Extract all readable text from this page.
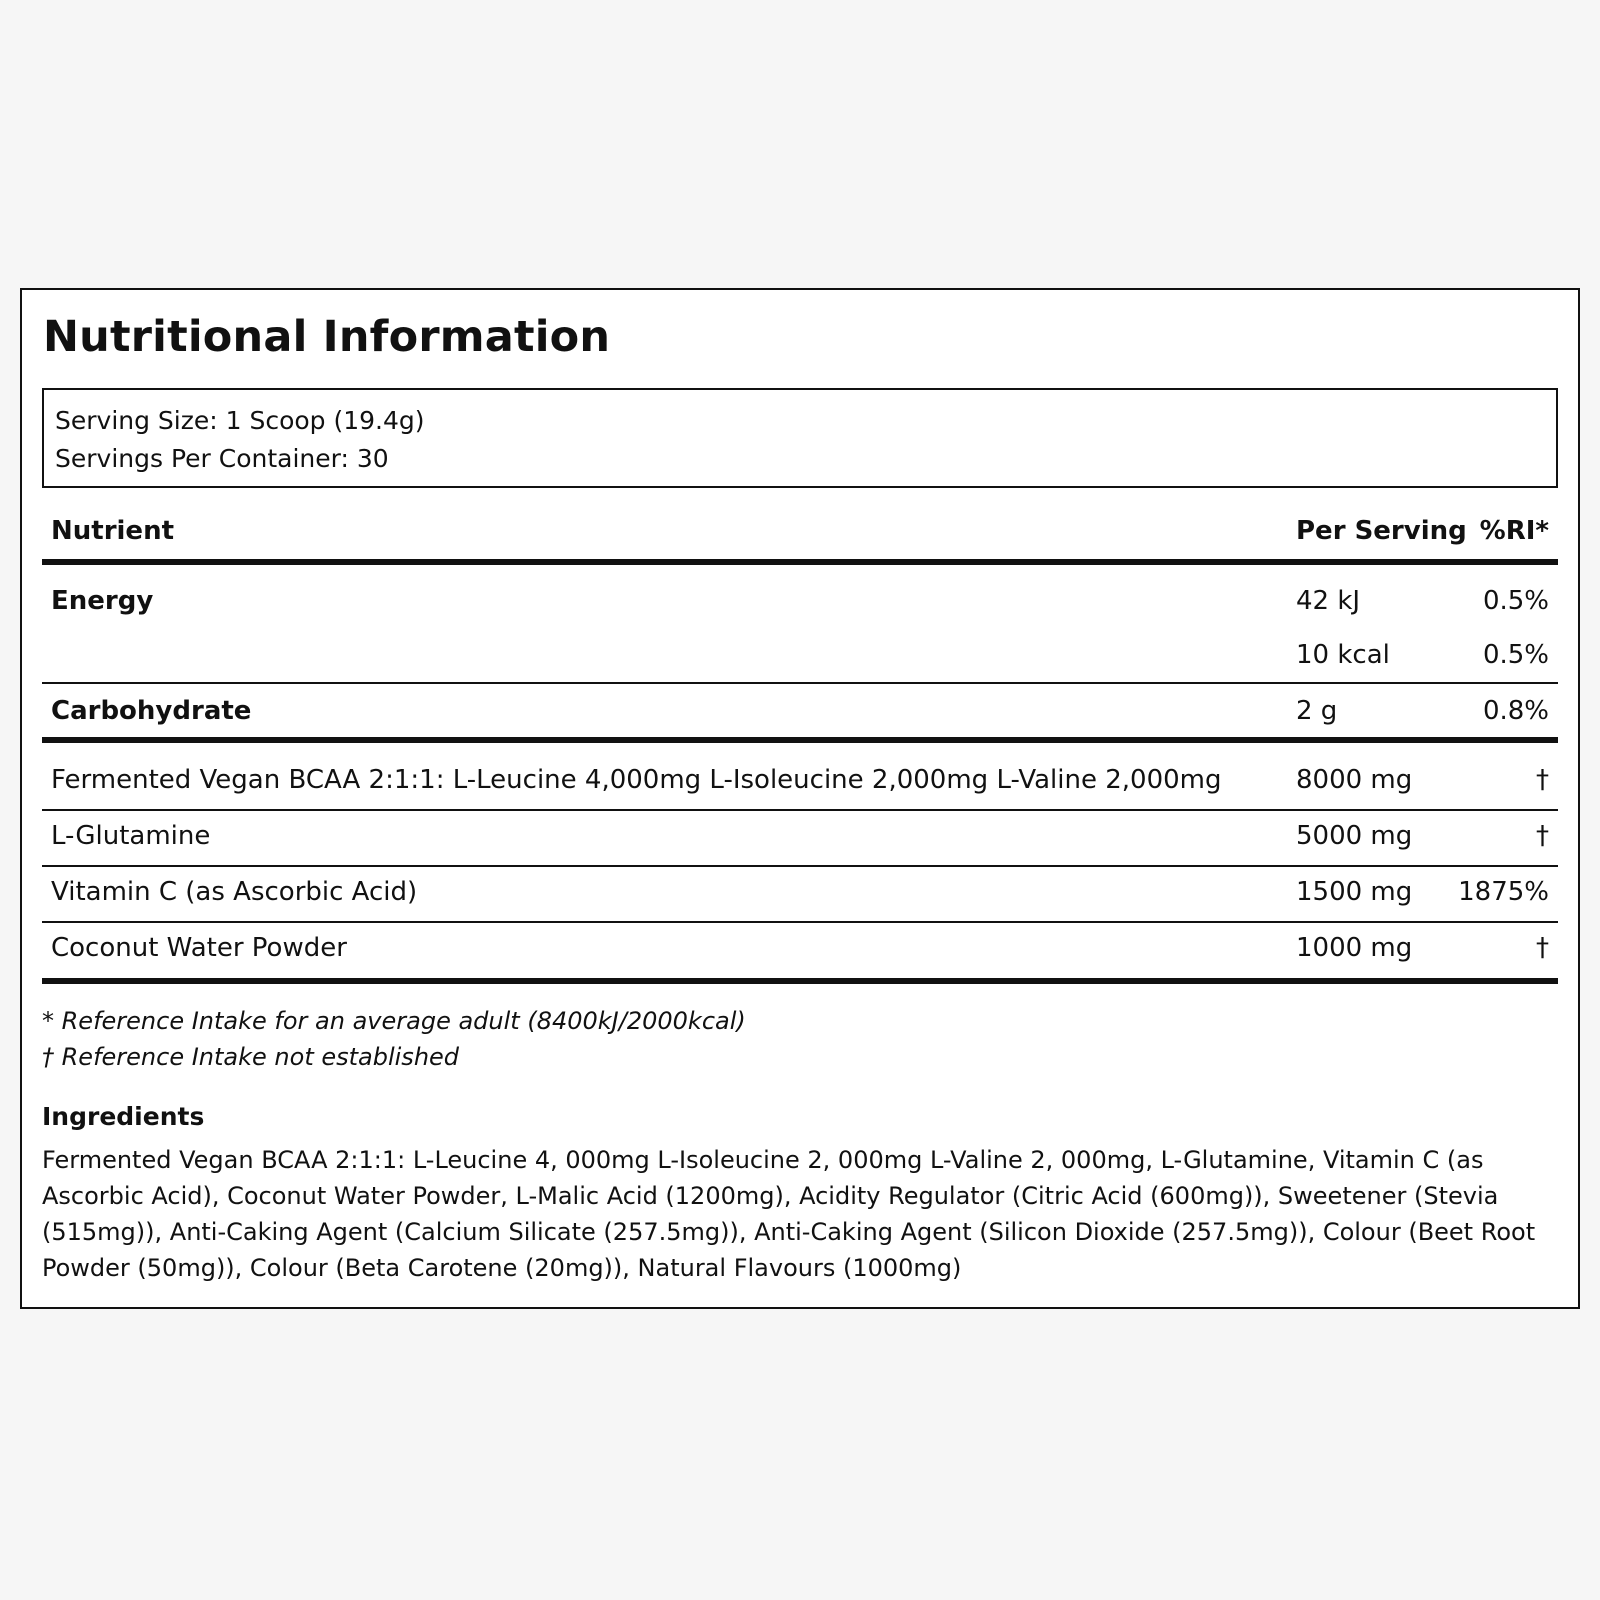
Nutritional Information
Serving Size: 1 Scoop (19.4g)
Servings Per Container: 30
Nutrient	Per Serving %RI*
Energy	42 kJ	0.5%
10 kcal	0.5%
Carbohydrate	2 g	0.8%
Fermented Vegan BCAA 2:1:1: L-Leucine 4,000mg L-Isoleucine 2,000mg L-Valine 2,000mg	8000 mg	†
L-Glutamine	5000 mg	†
Vitamin C (as Ascorbic Acid)	1500 mg 1875%
Coconut Water Powder	1000 mg	†
* Reference Intake for an average adult (8400kJ/2000kcal)
† Reference Intake not established
Ingredients
Fermented Vegan BCAA 2:1:1: L-Leucine 4, 000mg L-Isoleucine 2, 000mg L-Valine 2, 000mg, L-Glutamine, Vitamin C (as Ascorbic Acid), Coconut Water Powder, L-Malic Acid (1200mg), Acidity Regulator (Citric Acid (600mg)), Sweetener (Stevia (515mg)), Anti-Caking Agent (Calcium Silicate (257.5mg)), Anti-Caking Agent (Silicon Dioxide (257.5mg)), Colour (Beet Root Powder (50mg)), Colour (Beta Carotene (20mg)), Natural Flavours (1000mg)
